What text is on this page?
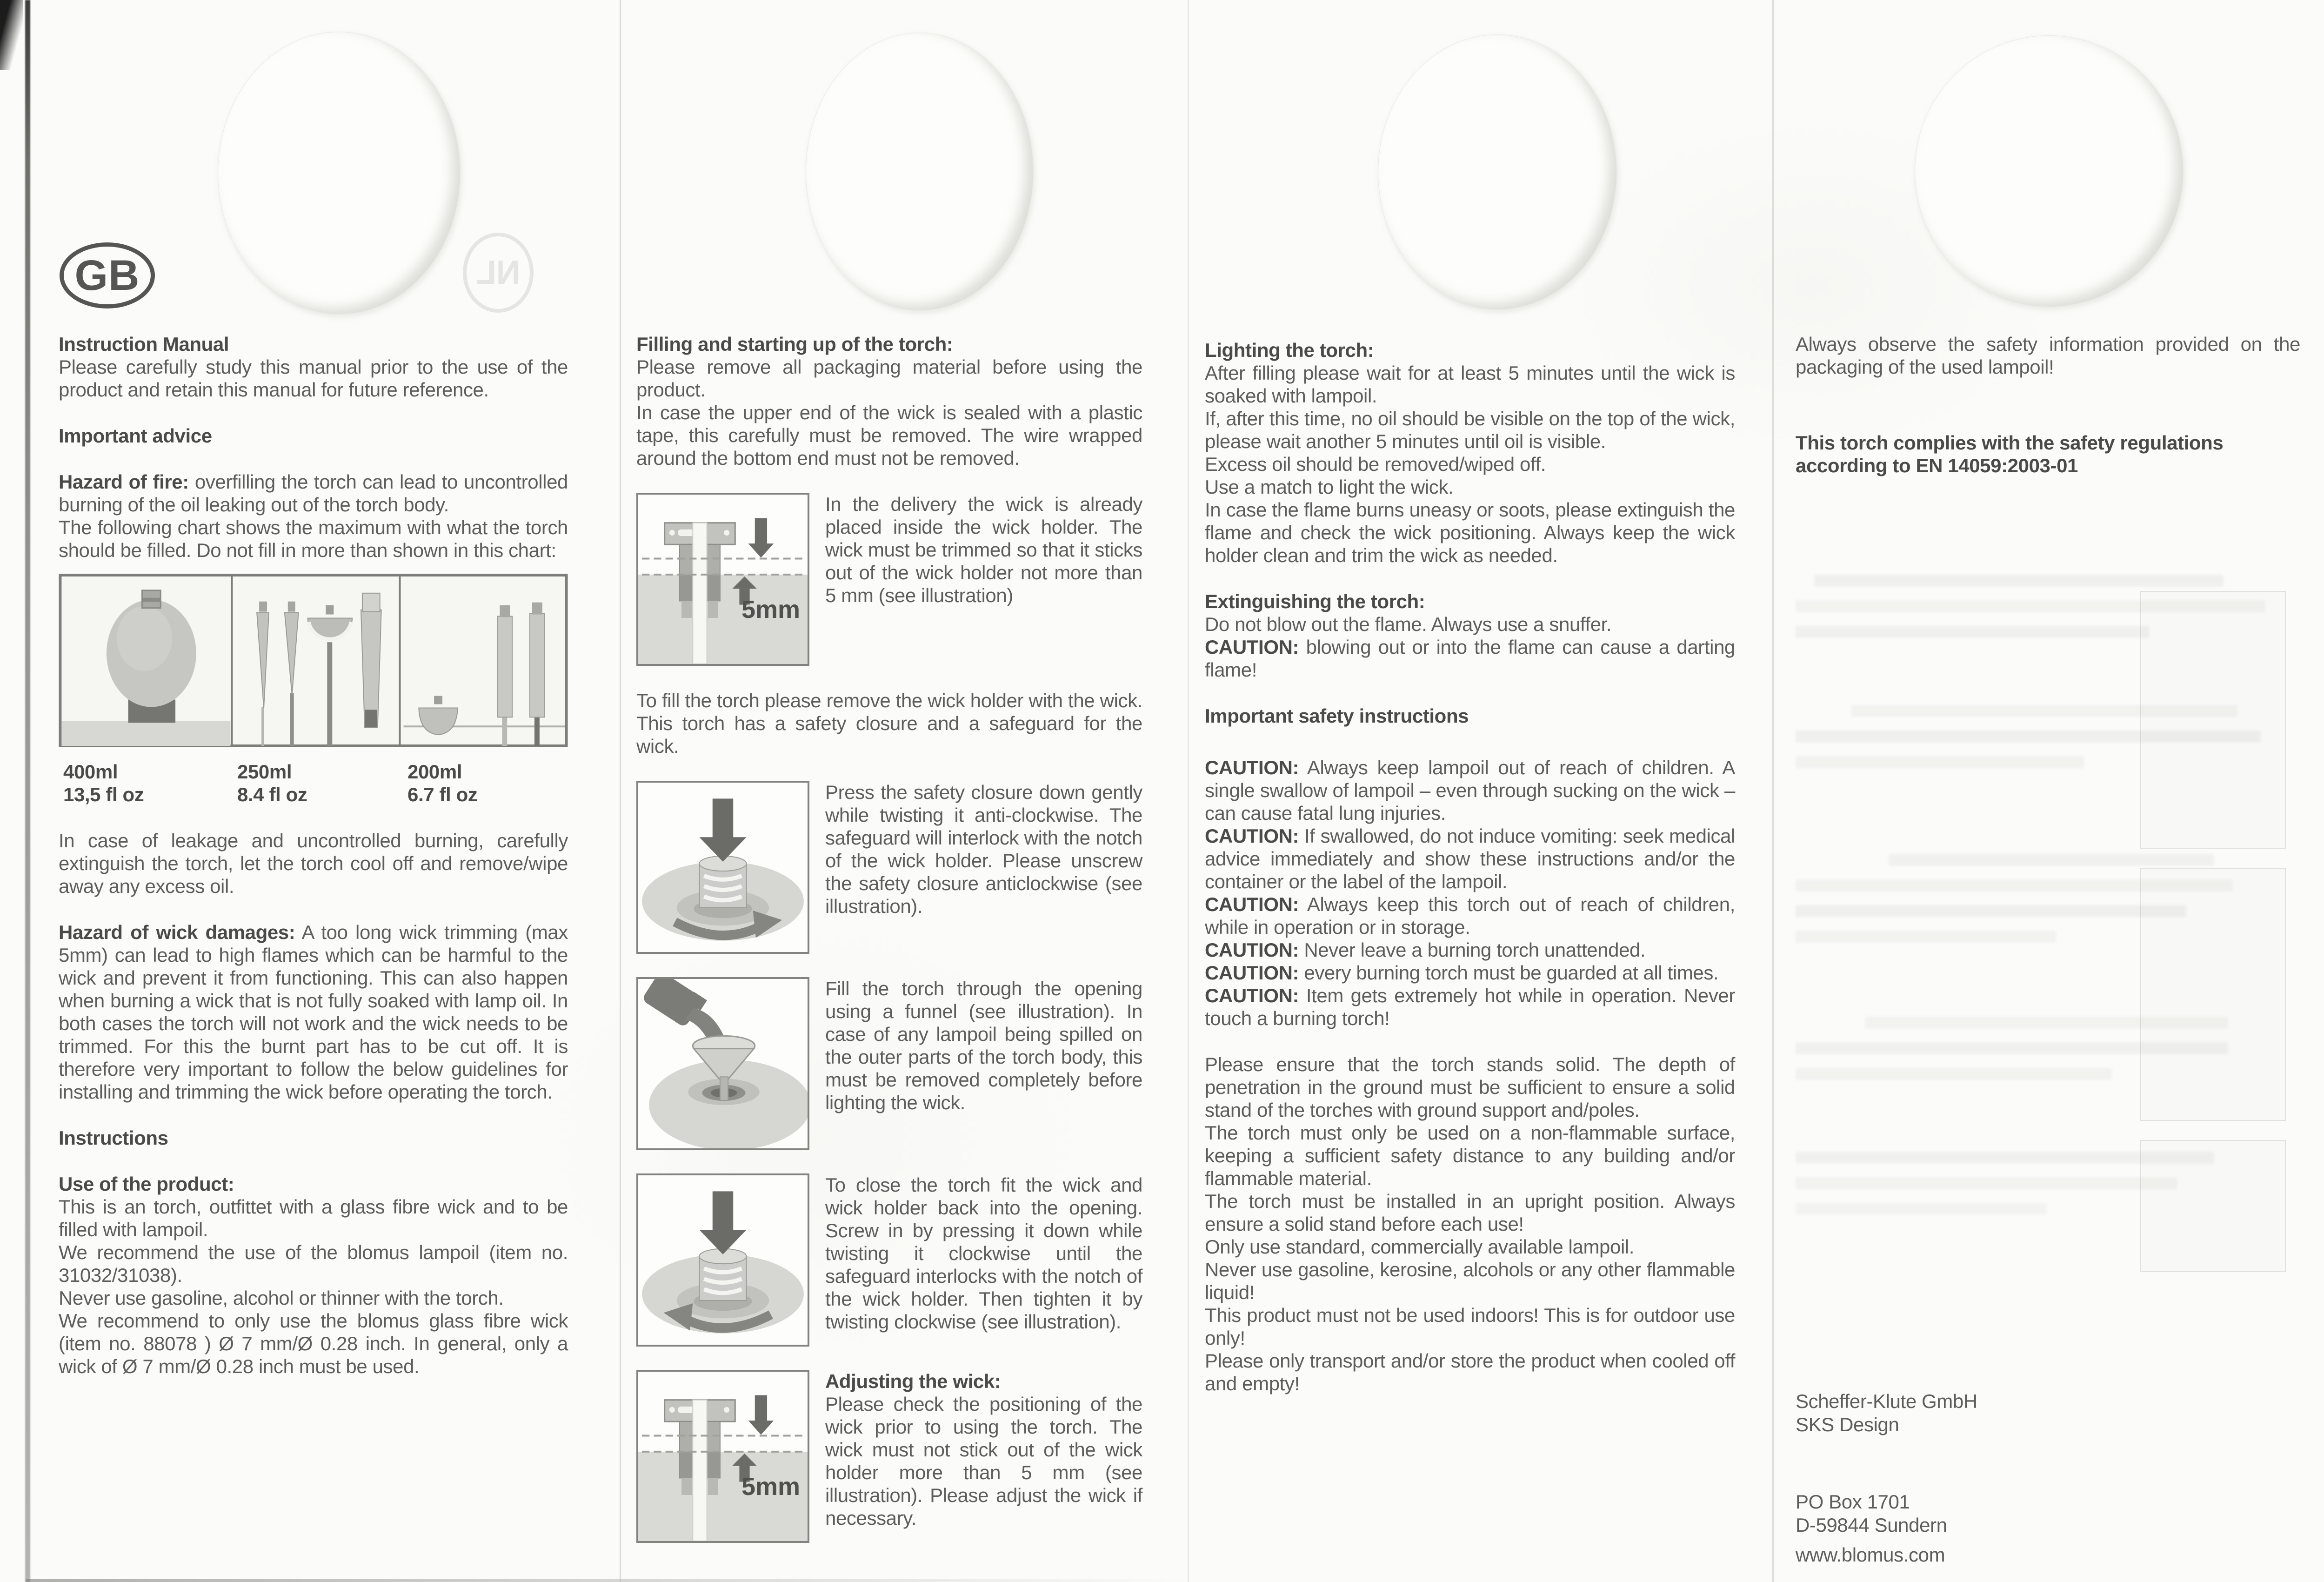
GB	NL
Instruction Manual

Please carefully study this manual prior to the use of the product and retain this manual for future reference.

Important advice

Hazard of fire: overfilling the torch can lead to uncontrolled burning of the oil leaking out of the torch body.

The following chart shows the maximum with what the torch should be filled. Do not fill in more than shown in this chart:

400ml
13,5 fl oz
250ml
8.4 fl oz
200ml
6.7 fl oz

In case of leakage and uncontrolled burning, carefully extinguish the torch, let the torch cool off and remove/wipe away any excess oil.

Hazard of wick damages: A too long wick trimming (max 5mm) can lead to high flames which can be harmful to the wick and prevent it from functioning. This can also happen when burning a wick that is not fully soaked with lamp oil. In both cases the torch will not work and the wick needs to be trimmed. For this the burnt part has to be cut off. It is therefore very important to follow the below guidelines for installing and trimming the wick before operating the torch.

Instructions
Use of the product:

This is an torch, outfittet with a glass fibre wick and to be filled with lampoil.

We recommend the use of the blomus lampoil (item no. 31032/31038).

Never use gasoline, alcohol or thinner with the torch.

We recommend to only use the blomus glass fibre wick (item no. 88078 ) Ø 7 mm/Ø 0.28 inch. In general, only a wick of Ø 7 mm/Ø 0.28 inch must be used.

Filling and starting up of the torch:

Please remove all packaging material before using the product.

In case the upper end of the wick is sealed with a plastic tape, this carefully must be removed. The wire wrapped around the bottom end must not be removed.

5mm

In the delivery the wick is already placed inside the wick holder. The wick must be trimmed so that it sticks out of the wick holder not more than 5 mm (see illustration)

To fill the torch please remove the wick holder with the wick. This torch has a safety closure and a safeguard for the wick.

Press the safety closure down gently while twisting it anti-clockwise. The safeguard will interlock with the notch of the wick holder. Please unscrew the safety closure anticlockwise (see illustration).

Fill the torch through the opening using a funnel (see illustration). In case of any lampoil being spilled on the outer parts of the torch body, this must be removed completely before lighting the wick.

To close the torch fit the wick and wick holder back into the opening. Screw in by pressing it down while twisting it clockwise until the safeguard interlocks with the notch of the wick holder. Then tighten it by twisting clockwise (see illustration).

5mm
Adjusting the wick:

Please check the positioning of the wick prior to using the torch. The wick must not stick out of the wick holder more than 5 mm (see illustration). Please adjust the wick if necessary.

Lighting the torch:

After filling please wait for at least 5 minutes until the wick is soaked with lampoil.

If, after this time, no oil should be visible on the top of the wick, please wait another 5 minutes until oil is visible.

Excess oil should be removed/wiped off.

Use a match to light the wick.

In case the flame burns uneasy or soots, please extinguish the flame and check the wick positioning. Always keep the wick holder clean and trim the wick as needed.

Extinguishing the torch:

Do not blow out the flame. Always use a snuffer.

CAUTION: blowing out or into the flame can cause a darting flame!

Important safety instructions

CAUTION: Always keep lampoil out of reach of children. A single swallow of lampoil – even through sucking on the wick – can cause fatal lung injuries.

CAUTION: If swallowed, do not induce vomiting: seek medical advice immediately and show these instructions and/or the container or the label of the lampoil.

CAUTION: Always keep this torch out of reach of children, while in operation or in storage.

CAUTION: Never leave a burning torch unattended.

CAUTION: every burning torch must be guarded at all times.

CAUTION: Item gets extremely hot while in operation. Never touch a burning torch!

Please ensure that the torch stands solid. The depth of penetration in the ground must be sufficient to ensure a solid stand of the torches with ground support and/poles.

The torch must only be used on a non-flammable surface, keeping a sufficient safety distance to any building and/or flammable material.

The torch must be installed in an upright position. Always ensure a solid stand before each use!

Only use standard, commercially available lampoil.

Never use gasoline, kerosine, alcohols or any other flammable liquid!

This product must not be used indoors! This is for outdoor use only!

Please only transport and/or store the product when cooled off and empty!

Always observe the safety information provided on the packaging of the used lampoil!

This torch complies with the safety regulations according to EN 14059:2003-01

Scheffer-Klute GmbH

SKS Design

PO Box 1701

D-59844 Sundern

www.blomus.com
